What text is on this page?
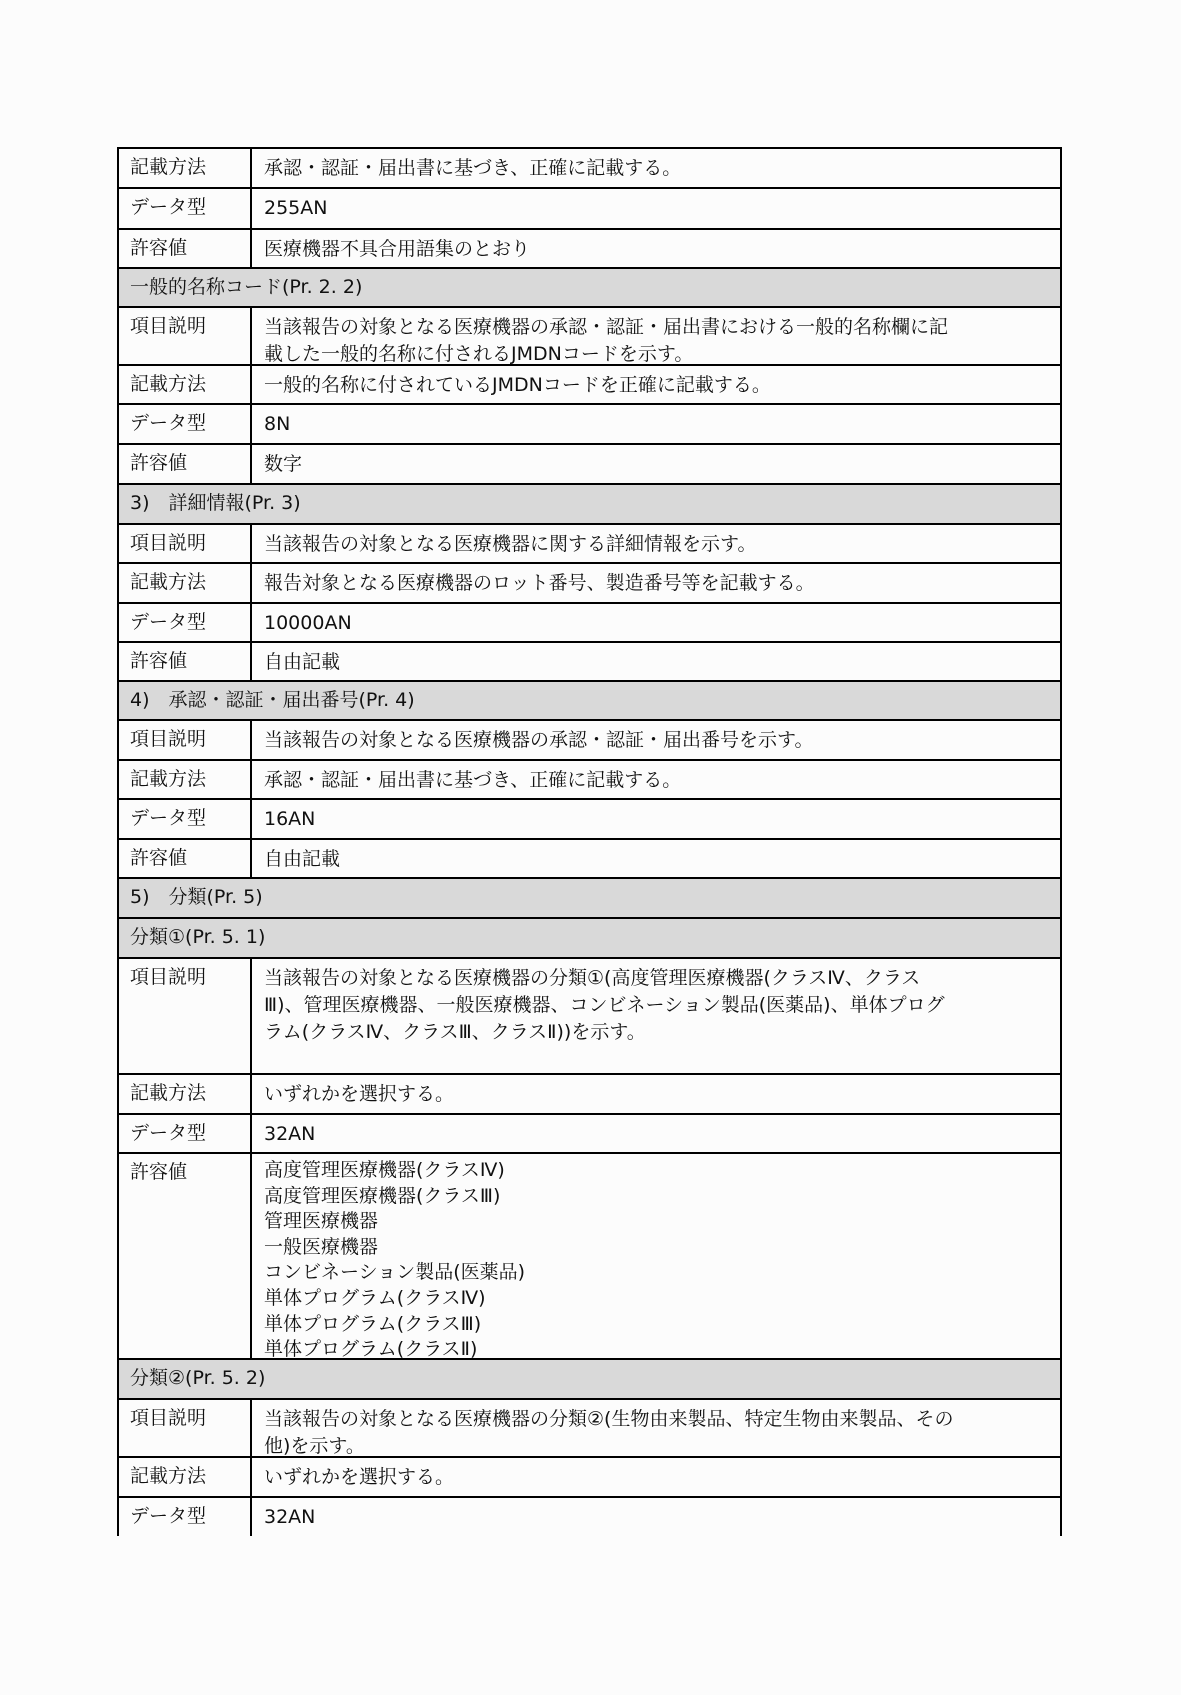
記載方法	承認・認証・届出書に基づき、正確に記載する。
データ型	255AN
許容値	医療機器不具合用語集のとおり
一般的名称コード(Pr. 2. 2)
項目説明	当該報告の対象となる医療機器の承認・認証・届出書における一般的名称欄に記
載した一般的名称に付されるJMDNコードを示す。
記載方法	一般的名称に付されているJMDNコードを正確に記載する。
データ型	8N
許容値	数字
3)　詳細情報(Pr. 3)
項目説明	当該報告の対象となる医療機器に関する詳細情報を示す。
記載方法	報告対象となる医療機器のロット番号、製造番号等を記載する。
データ型	10000AN
許容値	自由記載
4)　承認・認証・届出番号(Pr. 4)
項目説明	当該報告の対象となる医療機器の承認・認証・届出番号を示す。
記載方法	承認・認証・届出書に基づき、正確に記載する。
データ型	16AN
許容値	自由記載
5)　分類(Pr. 5)
分類①(Pr. 5. 1)
項目説明	当該報告の対象となる医療機器の分類①(高度管理医療機器(クラスⅣ、クラス
Ⅲ)、管理医療機器、一般医療機器、コンビネーション製品(医薬品)、単体プログ
ラム(クラスⅣ、クラスⅢ、クラスⅡ))を示す。
記載方法	いずれかを選択する。
データ型	32AN
許容値	高度管理医療機器(クラスⅣ)
高度管理医療機器(クラスⅢ)
管理医療機器
一般医療機器
コンビネーション製品(医薬品)
単体プログラム(クラスⅣ)
単体プログラム(クラスⅢ)
単体プログラム(クラスⅡ)
分類②(Pr. 5. 2)
項目説明	当該報告の対象となる医療機器の分類②(生物由来製品、特定生物由来製品、その
他)を示す。
記載方法	いずれかを選択する。
データ型	32AN
